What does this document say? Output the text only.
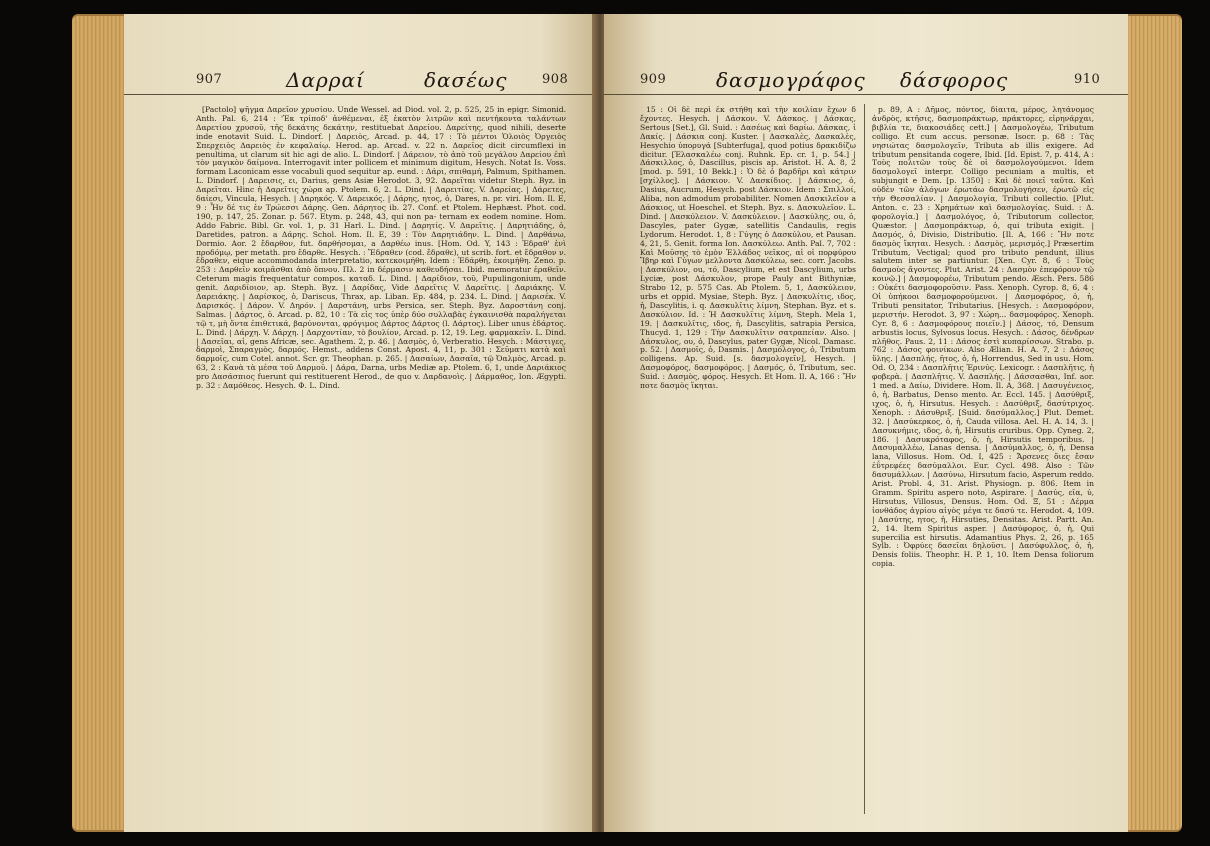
907	Δαρραί	δασέως	908

[Pactolo] ψῆγμα Δαρεῖον χρυσίου. Unde Wessel. ad Diod. vol. 2, p. 525, 25 in epigr. Simonid. Anth. Pal. 6, 214 : 'Ἐκ τρίποδ' ἀνθέμεναι, ἐξ ἑκατὸν λιτρῶν καὶ πεντήκοντα ταλάντων Δαρετίου χρυσοῦ, τῆς δεκάτης δεκάτην, restituebat Δαρείου. Δαρείτης, quod nihili, deserte inde enotavit Suid. L. Dindorf. | Δαρειὸς, Arcad. p. 44, 17 : Τὸ μέντοι Ὁλοιὸς Ὀργειὸς Σπερχειὸς Δαρειὸς ἐν κεφαλαίῳ. Herod. ap. Arcad. v. 22 n. Δαρεῖος dicit circumflexi in penultima, ut clarum sit hic agi de alio. L. Dindorf. | Δάρειον, τὸ ἀπὸ τοῦ μεγάλου Δαρείου ἐπὶ τὸν μαγικὸν δαίμονα. Interrogavit inter pollicem et minimum digitum, Hesych. Notat Is. Voss. formam Laconicam esse vocabuli quod sequitur ap. eund. : Δάρι, σπιθαμή, Palmum, Spithamen. L. Dindorf. | Δαρεισις, ει, Darius, gens Asiæ Herodot. 3, 92. Δαρεῖται videtur Steph. Byz. in Δαρεῖται. Hinc ἡ Δαρεῖτις χώρα ap. Ptolem. 6, 2. L. Dind. | Δαρειτίας. V. Δαρείας. | Δάρετες, δαίεσι, Vincula, Hesych. | Δαρηκός. V. Δαρεικός. | Δάρης, ητος, ὁ, Dares, n. pr. viri. Hom. Il. E, 9 : Ἦν δέ τις ἐν Τρώεσσι Δάρης. Gen. Δάρητος ib. 27. Conf. et Ptolem. Hephæst. Phot. cod. 190, p. 147, 25. Zonar. p. 567. Etym. p. 248, 43, qui non pa- ternam ex eodem nomine. Hom. Addo Fabric. Bibl. Gr. vol. 1, p. 31 Harl. L. Dind. | Δαρητίς. V. Δαρεῖτις. | Δαρητιάδης, ὁ, Daretides, patron. a Δάρης. Schol. Hom. Il. E, 39 : Τὸν Δαρητιάδην. L. Dind. | Δαρθάνω, Dormio. Aor. 2 ἔδαρθον, fut. δαρθήσομαι, a Δαρθέω inus. [Hom. Od. Y, 143 : Ἐδραθ' ἐνὶ προδόμῳ, per metath. pro ἔδαρθε. Hesych. : Ἔδραθεν (cod. ἔδραθε), ut scrib. fort. et ἔδραθον ν. ἔδραθεν, eique accommodanda interpretatio, κατεκοιμήθη. Idem : Ἐδάρθη, ἐκοιμήθη. Zeno. p. 253 : Δαρθεῖν κοιμᾶσθαι ἀπὸ ὅπνου. Πλ. 2 in δέρμασιν καθευδήσαι. Ibid. memoratur ἐραθεῖν. Ceterum magis frequentatur compos. καταδ. L. Dind. | Δαρίδιον, τοῦ, Pupulingonium, unde genit. Δαριδίοιον, ap. Steph. Byz. | Δαρίδας, Vide Δαρεῖτις V. Δαρεῖτις. | Δαριάκης. V. Δαρειάκης. | Δαρίσκος, ὁ, Dariscus, Thrax, ap. Liban. Ep. 484, p. 234. L. Dind. | Δαρισέκ. V. Δαρισκός. | Δάρον. V. Δηρόν. | Δαρστάνη, urbs Persica, ser. Steph. Byz. Δαροστάνη conj. Salmas. | Δάρτος, ὁ. Arcad. p. 82, 10 : Τὰ εἰς τος ὑπὲρ δύο συλλαβὰς ἐγκαινισθὰ παραλήγεται τῷ τ, μὴ ὄντα ἐπιθετικά, βαρύνονται, φρόγιμος Δάρτος Δάρτος (l. Δάρτος). Liber unus ἐδάρτος. L. Dind. | Δάρχη. V. Δάρχη. | Δαρχοντίαν, τὸ βουλίον, Arcad. p. 12, 19. Leg. φαρμακεῖν. L. Dind. | Δασεῖαι, αἱ, gens Africæ, sec. Agathem. 2, p. 46. | Δασμὸς, ὁ, Verberatio. Hesych. : Μάστιγες, δαρμοὶ, Σπαραγμὸς, δαρμός. Hemst., addens Const. Apost. 4, 11, p. 301 : Σεῦματι κατὰ καὶ δαρμοῖς, cum Cotel. annot. Scr. gr. Theophan. p. 265. | Δασαίων, Δασαῖα, τῷ Ὀαλμὸς, Arcad. p. 63, 2 : Κανὰ τὰ μέσα τοῦ Δαρμοῦ. | Δάρα, Darna, urbs Mediæ ap. Ptolem. 6, 1, unde Δαριάκιος pro Δασάσπιος fuerunt qui restituerent Herod., de quo v. Δαρδανοὶς. | Δάρμαθος, Ion. Ægypti. p. 32 : Δαμόθεος. Hesych. Φ. L. Dind.

909 δασμογράφος δάσφορος	910

15 : Οἱ δὲ περὶ ἐκ στήθη καὶ τὴν κοιλίαν ἔχων δ ἔχοντες. Hesych. | Δάσκον. V. Δάσκος. | Δάσκας, Sertous [Set.], Gl. Suid. : Δασέως καὶ δαρίω. Δάσκας, ἱ Δακίς. | Δάσκια conj. Kuster. | Δασκαλὲς, Δασκαλὲς, Hesychio ὑπορυγά [Subterfuga], quod potius δρακιδίζω dicitur. [Ἐλασκαλέω conj. Ruhnk. Ep. cr. 1, p. 54.] | Δάσκιλλος, ὁ, Dascillus, piscis ap. Aristot. H. A. 8, 2 [mod. p. 591, 10 Bekk.] : Ὁ δὲ ὁ βαρδῆρι καὶ κάτριν [σχίλλος]. | Δάσκιον. V. Δασκίδιος. | Δάσκιος, ὁ, Dasius, Aucrum, Hesych. post Δάσκιον. Idem : Σπιλλοί, Aliba, non admodum probabiliter. Nomen Δασκιλεῖον a Δάσκιος, ut Hoeschel. et Steph. Byz. s. Δασκυλεῖον. L. Dind. | Δασκύλειον. V. Δασκύλειον. | Δασκύλης, ou, ὁ, Dascyles, pater Gygæ, satellitis Candaulis, regis Lydorum. Herodot. 1, 8 : Γύγης ὁ Δασκύλου, et Pausan. 4, 21, 5. Genit. forma Ion. Δασκύλεω. Anth. Pal. 7, 702 : Καὶ Μοῦσης τὸ ἐμὸν Ἑλλάδος νεῖκος, αἱ οἱ πορφύρου Ἴβηρ καὶ Γύγων μελλοντα Δασκύλεω, sec. corr. Jacobs. | Δασκύλιον, ou, τό, Dascylium, et est Dascylium, urbs Lyciæ, post Δάσκυλον, prope Pauly ant Bithyniæ, Strabo 12, p. 575 Cas. Ab Ptolem. 5, 1, Δασκύλειον, urbs et oppid. Mysiae, Steph. Byz. | Δασκυλίτις, ιδος, ἡ, Dascylitis, i. q. Δασκυλῖτις λίμνη, Stephan. Byz. et s. Δασκύλιον. Id. : Ἡ Δασκυλῖτις λίμνη, Steph. Mela 1, 19. | Δασκυλῖτις, ιδος, ἡ, Dascylitis, satrapia Persica, Thucyd. 1, 129 : Τὴν Δασκυλῖτιν σατραπείαν. Also. | Δάσκυλος, ου, ὁ, Dascylus, pater Gygæ, Nicol. Damasc. p. 52. | Δασμοῖς, ὁ, Dasmis. | Δασμόλογος, ὁ, Tributum colligens. Ap. Suid. [s. δασμολογεῖν], Hesych. | Δασμοφόρος, δασμοφόρος. | Δασμός, ὁ, Tributum, sec. Suid. : Δασμὸς, φόρος. Hesych. Et Hom. Il. A, 166 : Ἤν ποτε δασμὸς ἵκηται.

p. 89, A : Δῆμος, πόντος, δίαιτα, μέρος, λητάνομος ἀνδρὸς, κτῆσις, δασμοπράκτωρ, πράκτορες, εἰρηνάρχαι, βιβλία τε, διακοσιάδες cett.] | Δασμολογέω, Tributum colligo. Et cum accus. personæ. Isocr. p. 68 : Τὰς νησιώτας δασμολογεῖν, Tributa ab illis exigere. Ad tributum pensitanda cogere, Ibid. [Id. Epist. 7, p. 414, A : Τοὺς πολιτῶν τοὺς δὲ οἱ δασμολογούμενοι. Idem δασμολογεῖ interpr. Colligo pecuniam a multis, et subjungit e Dem. [p. 1350] : Καὶ δὲ ποιεῖ ταῦτα. Καὶ οὐδὲν τῶν ἀλόγων ἐρωτάω δασμολογήσεν, ἐρωτῶ εἰς τὴν Θεσσαλίαν. | Δασμολογία, Tributi collectio. [Plut. Anton. c. 23 : Χρημάτων καὶ δασμολογίας. Suid. : Δ. φορολογία.] | Δασμολόγος, ὁ, Tributorum collector, Quæstor. | Δασμοπράκτωρ, ὁ, qui tributa exigit. | Δασμός, ὁ, Divisio, Distributio. [Il. A, 166 : Ἤν ποτε δασμὸς ἵκηται. Hesych. : Δασμὸς, μερισμός.] Præsertim Tributum, Vectigal; quod pro tributo pendunt, illius salutem inter se partiuntur. [Xen. Cyr. 8, 6 : Τοὺς δασμοὺς ἄγοντες. Plut. Arist. 24 : Δασμὸν ἐπεφόρουν τῷ κοινῷ.] | Δασμοφορέω, Tributum pendo. Æsch. Pers. 586 : Οὐκέτι δασμοφοροῦσιν. Pass. Xenoph. Cyrop. 8, 6, 4 : Οἱ ὑπήκοοι δασμοφορούμενοι. | Δασμοφόρος, ὁ, ἡ, Tributi pensitator, Tributarius. [Hesych. : Δασμοφόρον, μεριστήν. Herodot. 3, 97 : Χώρη... δασμοφόρος. Xenoph. Cyr. 8, 6 : Δασμοφόρους ποιεῖν.] | Δάσος, τό, Densum arbustis locus, Sylvosus locus. Hesych. : Δάσος, δένδρων πλῆθος. Paus. 2, 11 : Δάσος ἐστὶ κυπαρίσσων. Strabo. p. 762 : Δάσος φοινίκων. Also Ælian. H. A. 7, 2 : Δάσος ὕλης. | Δασπλής, ῆτος, ὁ, ἡ, Horrendus, Sed in usu. Hom. Od. O, 234 : Δασπλῆτις Ἐρινύς. Lexicogr. : Δασπλῆτις, ἡ φοβερὰ. | Δασπλῆτις. V. Δασπλής. | Δάσσασθαι, Inf. aor. 1 med. a Δαίω, Dividere. Hom. Il. A, 368. | Δασυγένειος, ὁ, ἡ, Barbatus, Denso mento. Ar. Eccl. 145. | Δασύθριξ, ιχος, ὁ, ἡ, Hirsutus. Hesych. : Δασύθριξ, δασύτριχος. Xenoph. : Δάσυθριξ. [Suid. δασύμαλλος.] Plut. Demet. 32. | Δασύκερκος, ὁ, ἡ, Cauda villosa. Ael. H. A. 14, 3. | Δασυκνήμις, ιδος, ὁ, ἡ, Hirsutis cruribus. Opp. Cyneg. 2, 186. | Δασυκρόταφος, ὁ, ἡ, Hirsutis temporibus. | Δασυμαλλέω, Lanas densa. | Δασύμαλλος, ὁ, ἡ, Densa lana, Villosus. Hom. Od. I, 425 : Ἄρσενες ὄιες ἔσαν ἐΰτρεφέες δασύμαλλοι. Eur. Cycl. 498. Also : Τῶν δασυμάλλων. | Δασύνω, Hirsutum facio, Asperum reddo. Arist. Probl. 4, 31. Arist. Physiogn. p. 806. Item in Gramm. Spiritu aspero noto, Aspirare. | Δασύς, εῖα, ύ, Hirsutus, Villosus, Densus. Hom. Od. Ξ, 51 : Δέρμα ἰονθάδος ἀγρίου αἰγὸς μέγα τε δασύ τε. Herodot. 4, 109. | Δασύτης, ητος, ἡ, Hirsuties, Densitas. Arist. Partt. An. 2, 14. Item Spiritus asper. | Δασύφορος, ὁ, ἡ, Qui supercilia est hirsutis. Adamantius Phys. 2, 26, p. 165 Sylb. : Ὀφρύες δασεῖαι δηλοῦσι. | Δασύφυλλος, ὁ, ἡ, Densis foliis. Theophr. H. P. 1, 10. Item Densa foliorum copia.
